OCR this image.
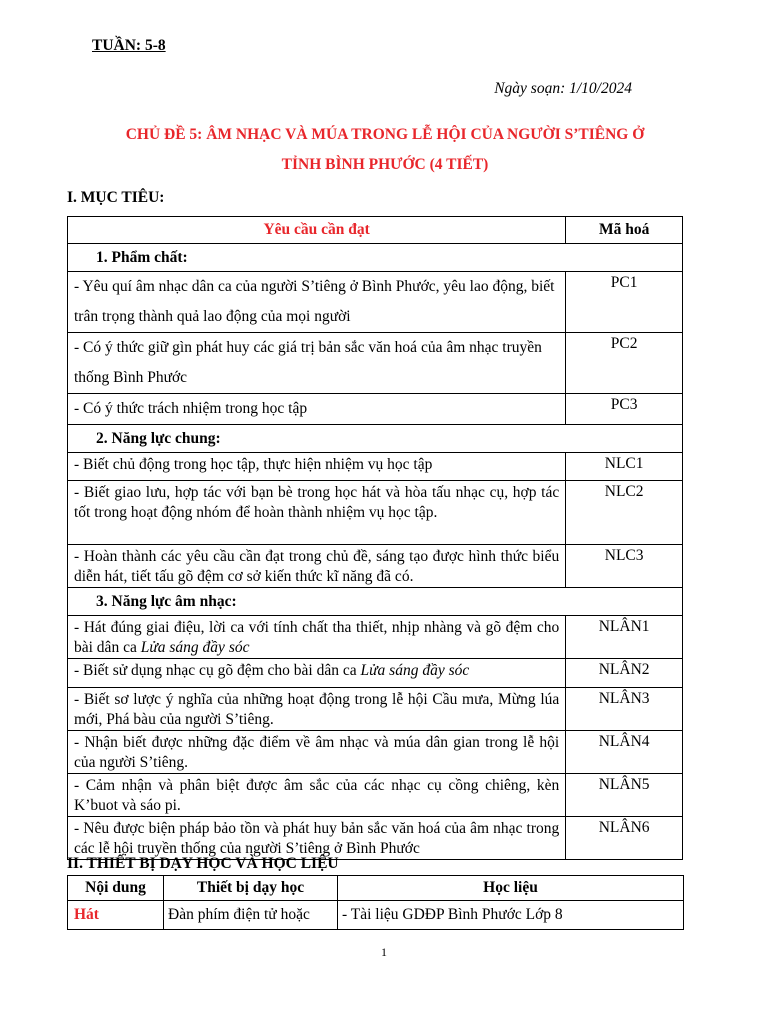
TUẦN: 5-8
Ngày soạn: 1/10/2024
CHỦ ĐỀ 5: ÂM NHẠC VÀ MÚA TRONG LỄ HỘI CỦA NGƯỜI S’TIÊNG Ở
TỈNH BÌNH PHƯỚC (4 TIẾT)
I. MỤC TIÊU:
Yêu cầu cần đạt	Mã hoá
1. Phẩm chất:	
- Yêu quí âm nhạc dân ca của người S’tiêng ở Bình Phước, yêu lao động, biết trân trọng thành quả lao động của mọi người	PC1
- Có ý thức giữ gìn phát huy các giá trị bản sắc văn hoá của âm nhạc truyền thống Bình Phước	PC2
- Có ý thức trách nhiệm trong học tập	PC3
2. Năng lực chung:	
- Biết chủ động trong học tập, thực hiện nhiệm vụ học tập	NLC1
- Biết giao lưu, hợp tác với bạn bè trong học hát và hòa tấu nhạc cụ, hợp tác tốt trong hoạt động nhóm để hoàn thành nhiệm vụ học tập.	NLC2
- Hoàn thành các yêu cầu cần đạt trong chủ đề, sáng tạo được hình thức biểu diễn hát, tiết tấu gõ đệm cơ sở kiến thức kĩ năng đã có.	NLC3
3. Năng lực âm nhạc:	
- Hát đúng giai điệu, lời ca với tính chất tha thiết, nhịp nhàng và gõ đệm cho bài dân ca Lửa sáng đầy sóc	NLÂN1
- Biết sử dụng nhạc cụ gõ đệm cho bài dân ca Lửa sáng đầy sóc	NLÂN2
- Biết sơ lược ý nghĩa của những hoạt động trong lễ hội Cầu mưa, Mừng lúa mới, Phá bàu của người S’tiêng.	NLÂN3
- Nhận biết được những đặc điểm về âm nhạc và múa dân gian trong lễ hội của người S’tiêng.	NLÂN4
- Cảm nhận và phân biệt được âm sắc của các nhạc cụ cồng chiêng, kèn K’buot và sáo pi.	NLÂN5
- Nêu được biện pháp bảo tồn và phát huy bản sắc văn hoá của âm nhạc trong các lễ hội truyền thống của người S’tiêng ở Bình Phước	NLÂN6
II. THIẾT BỊ DẠY HỌC VÀ HỌC LIỆU
Nội dung	Thiết bị dạy học	Học liệu
Hát	Đàn phím điện tử hoặc	- Tài liệu GDĐP Bình Phước Lớp 8
1
